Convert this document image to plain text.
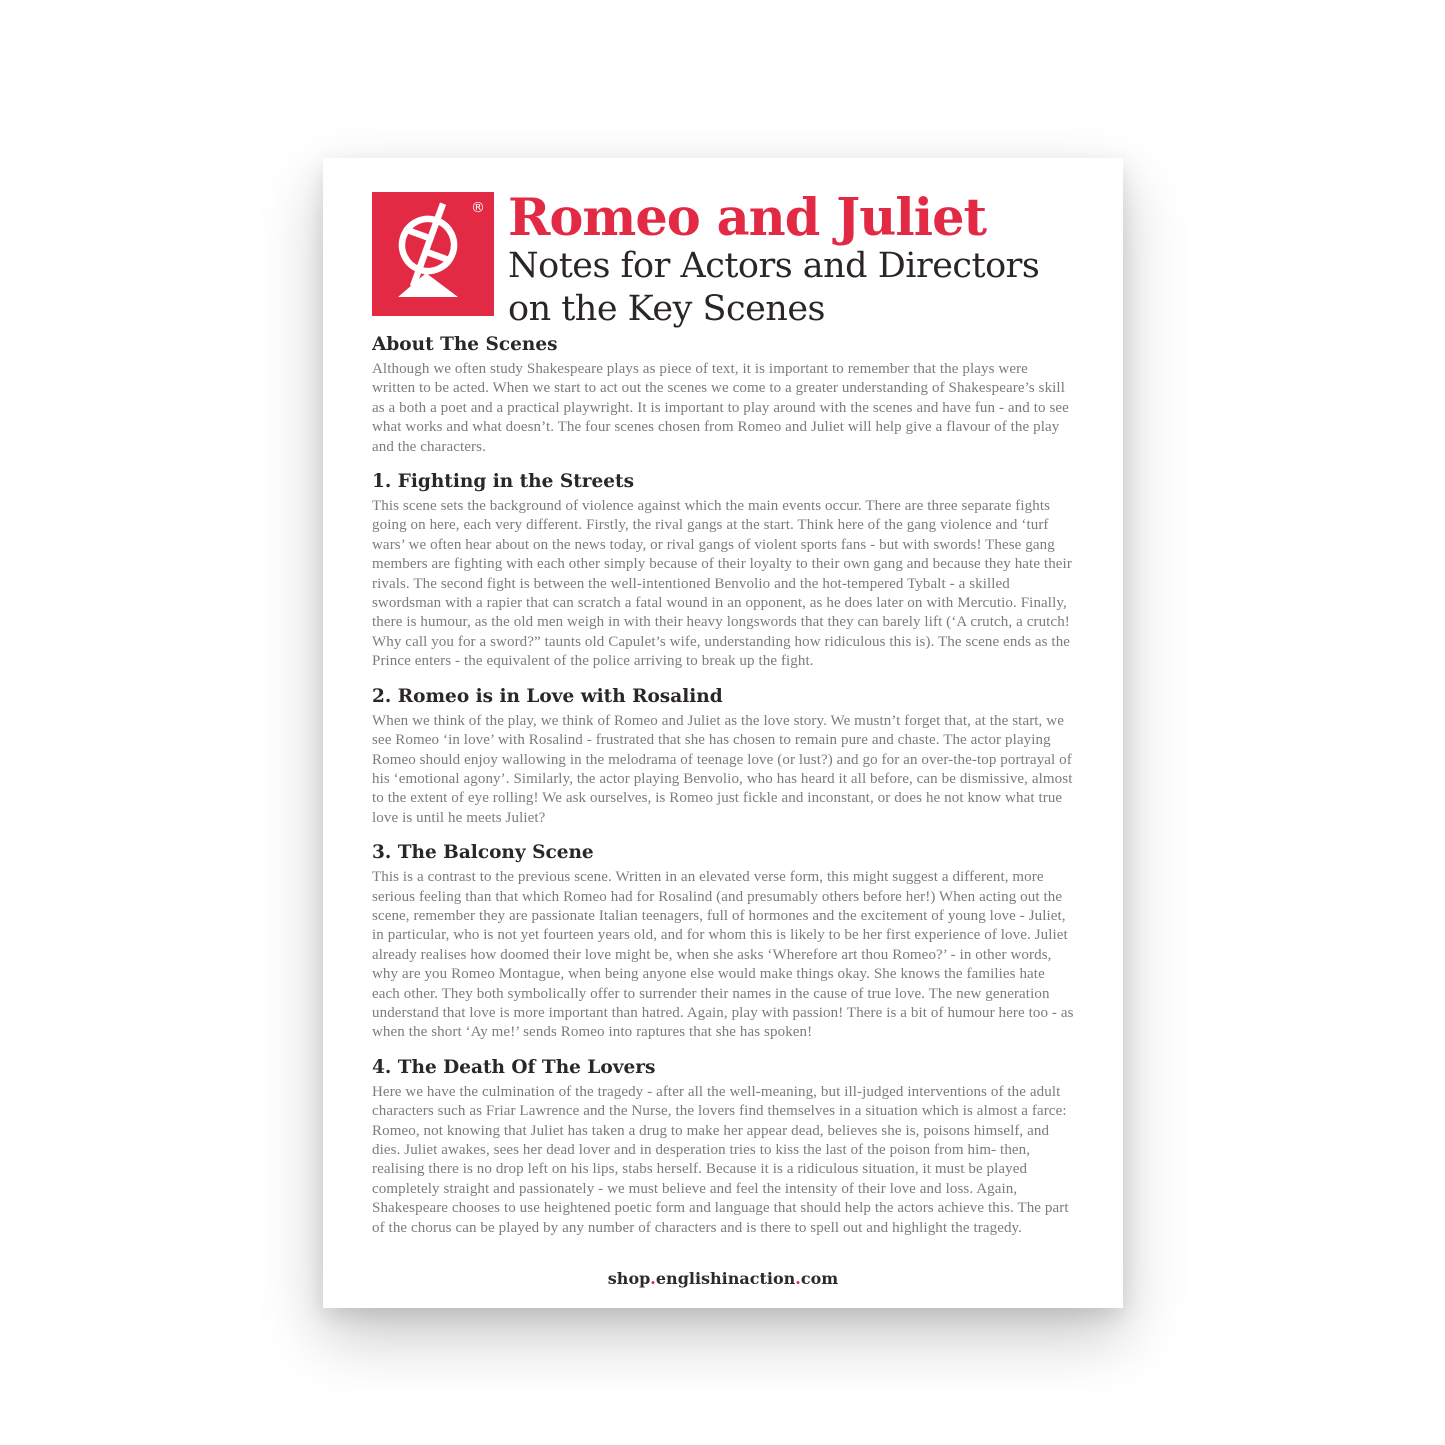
® Romeo and Juliet
Notes for Actors and Directors
on the Key Scenes
About The Scenes

Although we often study Shakespeare plays as piece of text, it is important to remember that the plays were written to be acted. When we start to act out the scenes we come to a greater understanding of Shakespeare’s skill as a both a poet and a practical playwright. It is important to play around with the scenes and have fun - and to see what works and what doesn’t. The four scenes chosen from Romeo and Juliet will help give a flavour of the play and the characters.

1. Fighting in the Streets

This scene sets the background of violence against which the main events occur. There are three separate fights going on here, each very different. Firstly, the rival gangs at the start. Think here of the gang violence and ‘turf wars’ we often hear about on the news today, or rival gangs of violent sports fans - but with swords! These gang members are fighting with each other simply because of their loyalty to their own gang and because they hate their rivals. The second fight is between the well-intentioned Benvolio and the hot-tempered Tybalt - a skilled swordsman with a rapier that can scratch a fatal wound in an opponent, as he does later on with Mercutio. Finally, there is humour, as the old men weigh in with their heavy longswords that they can barely lift (‘A crutch, a crutch! Why call you for a sword?” taunts old Capulet’s wife, understanding how ridiculous this is). The scene ends as the Prince enters - the equivalent of the police arriving to break up the fight.

2. Romeo is in Love with Rosalind

When we think of the play, we think of Romeo and Juliet as the love story. We mustn’t forget that, at the start, we see Romeo ‘in love’ with Rosalind - frustrated that she has chosen to remain pure and chaste. The actor playing Romeo should enjoy wallowing in the melodrama of teenage love (or lust?) and go for an over-the-top portrayal of his ‘emotional agony’. Similarly, the actor playing Benvolio, who has heard it all before, can be dismissive, almost to the extent of eye rolling! We ask ourselves, is Romeo just fickle and inconstant, or does he not know what true love is until he meets Juliet?

3. The Balcony Scene

This is a contrast to the previous scene. Written in an elevated verse form, this might suggest a different, more serious feeling than that which Romeo had for Rosalind (and presumably others before her!) When acting out the scene, remember they are passionate Italian teenagers, full of hormones and the excitement of young love - Juliet, in particular, who is not yet fourteen years old, and for whom this is likely to be her first experience of love. Juliet already realises how doomed their love might be, when she asks ‘Wherefore art thou Romeo?’ - in other words, why are you Romeo Montague, when being anyone else would make things okay. She knows the families hate each other. They both symbolically offer to surrender their names in the cause of true love. The new generation understand that love is more important than hatred. Again, play with passion! There is a bit of humour here too - as when the short ‘Ay me!’ sends Romeo into raptures that she has spoken!

4. The Death Of The Lovers

Here we have the culmination of the tragedy - after all the well-meaning, but ill-judged interventions of the adult characters such as Friar Lawrence and the Nurse, the lovers find themselves in a situation which is almost a farce: Romeo, not knowing that Juliet has taken a drug to make her appear dead, believes she is, poisons himself, and dies. Juliet awakes, sees her dead lover and in desperation tries to kiss the last of the poison from him- then, realising there is no drop left on his lips, stabs herself. Because it is a ridiculous situation, it must be played completely straight and passionately - we must believe and feel the intensity of their love and loss. Again, Shakespeare chooses to use heightened poetic form and language that should help the actors achieve this. The part of the chorus can be played by any number of characters and is there to spell out and highlight the tragedy.

shop.englishinaction.com
